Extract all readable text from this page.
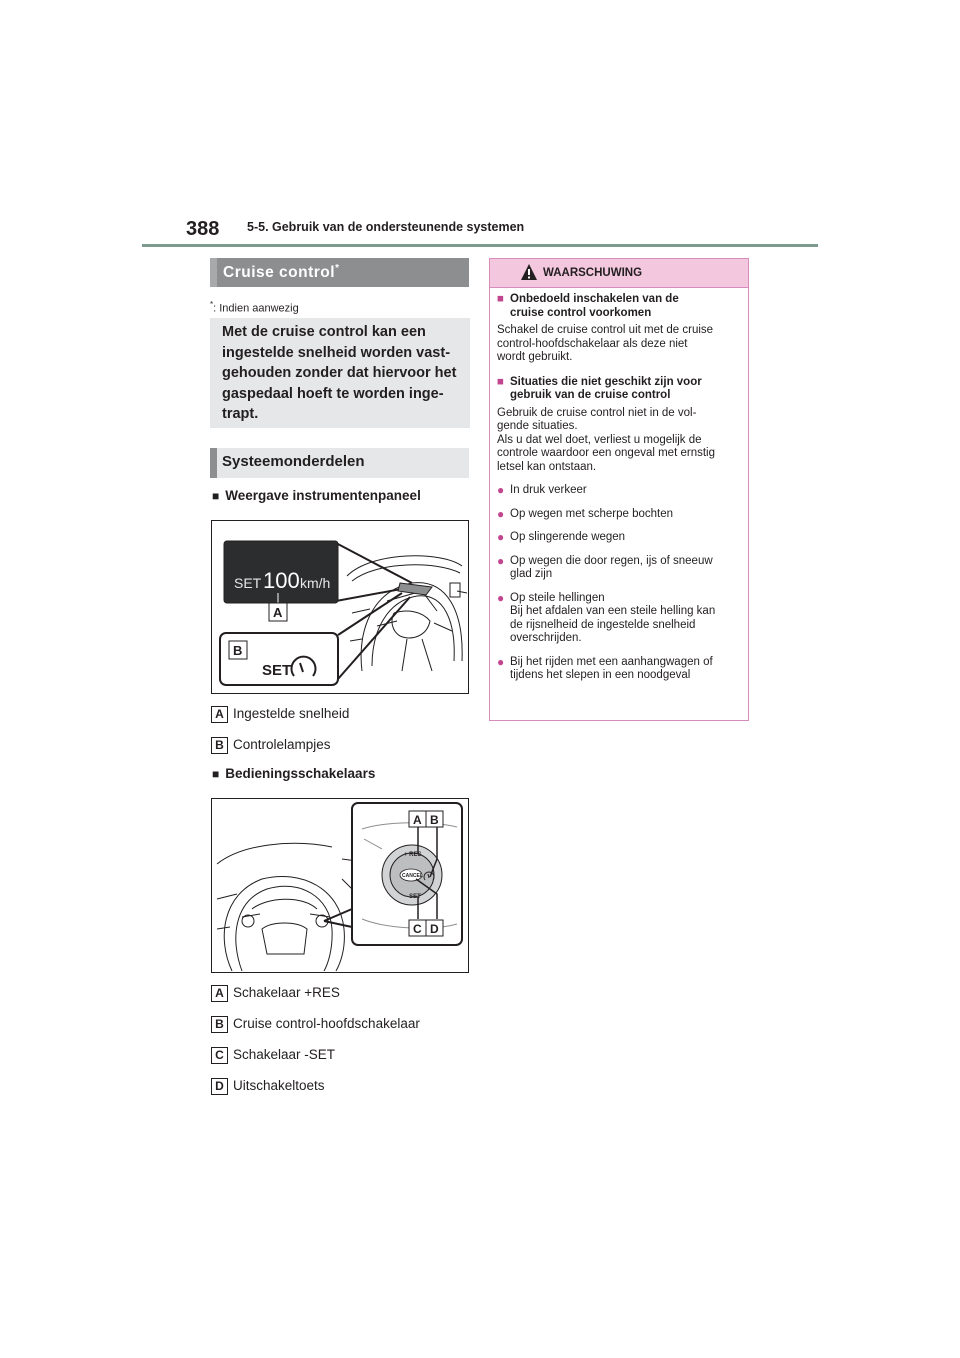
388 5-5. Gebruik van de ondersteunende systemen
Cruise control*
*: Indien aanwezig
Met de cruise control kan een
ingestelde snelheid worden vast-
gehouden zonder dat hiervoor het
gaspedaal hoeft te worden inge-
trapt.
Systeemonderdelen
■ Weergave instrumentenpaneel
SET 100 km/h
A
B
SET
A Ingestelde snelheid
B Controlelampjes
■ Bedieningsschakelaars
+ RES
CANCEL
− SET
A B
C D
A Schakelaar +RES
B Cruise control-hoofdschakelaar
C Schakelaar -SET
D Uitschakeltoets
WAARSCHUWING
■ Onbedoeld inschakelen van de
cruise control voorkomen
Schakel de cruise control uit met de cruise
control-hoofdschakelaar als deze niet
wordt gebruikt.
■ Situaties die niet geschikt zijn voor
gebruik van de cruise control
Gebruik de cruise control niet in de vol-
gende situaties.
Als u dat wel doet, verliest u mogelijk de
controle waardoor een ongeval met ernstig
letsel kan ontstaan.
● In druk verkeer
● Op wegen met scherpe bochten
● Op slingerende wegen
● Op wegen die door regen, ijs of sneeuw
glad zijn
● Op steile hellingen
Bij het afdalen van een steile helling kan
de rijsnelheid de ingestelde snelheid
overschrijden.
● Bij het rijden met een aanhangwagen of
tijdens het slepen in een noodgeval
